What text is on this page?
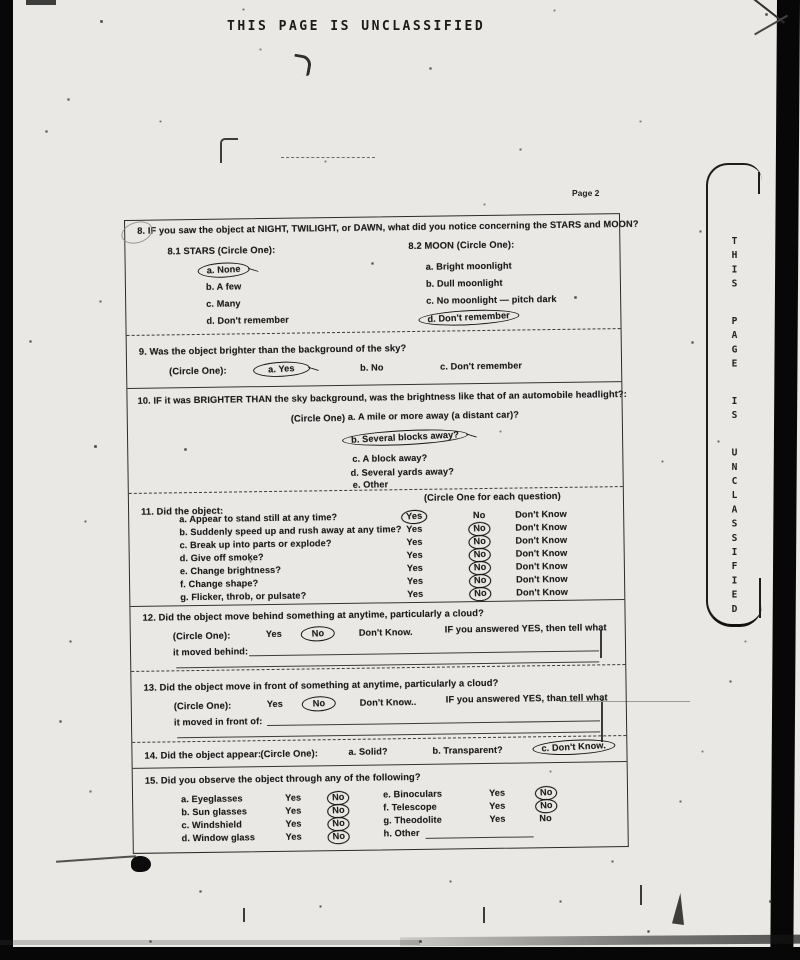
THIS PAGE IS UNCLASSIFIED
Page 2
THIS PAGE IS UNCLASSIFIED
8. IF you saw the object at NIGHT, TWILIGHT, or DAWN, what did you notice concerning the STARS and MOON?
8.1 STARS (Circle One):	8.2 MOON (Circle One):
a. None
b. A few
c. Many
d. Don't remember
a. Bright moonlight
b. Dull moonlight
c. No moonlight — pitch dark
d. Don't remember
9. Was the object brighter than the background of the sky?
(Circle One):	a. Yes	b. No	c. Don't remember
10. IF it was BRIGHTER THAN the sky background, was the brightness like that of an automobile headlight?:
(Circle One) a. A mile or more away (a distant car)?
b. Several blocks away?
c. A block away?
d. Several yards away?
e. Other
(Circle One for each question)
11. Did the object:
a. Appear to stand still at any time?	Yes	No	Don't Know
b. Suddenly speed up and rush away at any time? Yes	No	Don't Know
c. Break up into parts or explode?	Yes	No	Don't Know
d. Give off smoke?	Yes	No	Don't Know
e. Change brightness?	Yes	No	Don't Know
f. Change shape?	Yes	No	Don't Know
g. Flicker, throb, or pulsate?	Yes	No	Don't Know
12. Did the object move behind something at anytime, particularly a cloud?
(Circle One):	Yes	No	Don't Know.	IF you answered YES, then tell what
it moved behind:
13. Did the object move in front of something at anytime, particularly a cloud?
(Circle One):	Yes	No	Don't Know..	IF you answered YES, than tell what
it moved in front of:
14. Did the object appear: (Circle One):	a. Solid?	b. Transparent?	c. Don't Know.
15. Did you observe the object through any of the following?
a. Eyeglasses	Yes	No
b. Sun glasses	Yes	No
c. Windshield	Yes	No
d. Window glass	Yes	No
e. Binoculars	Yes	No
f. Telescope	Yes	No
g. Theodolite	Yes	No
h. Other
